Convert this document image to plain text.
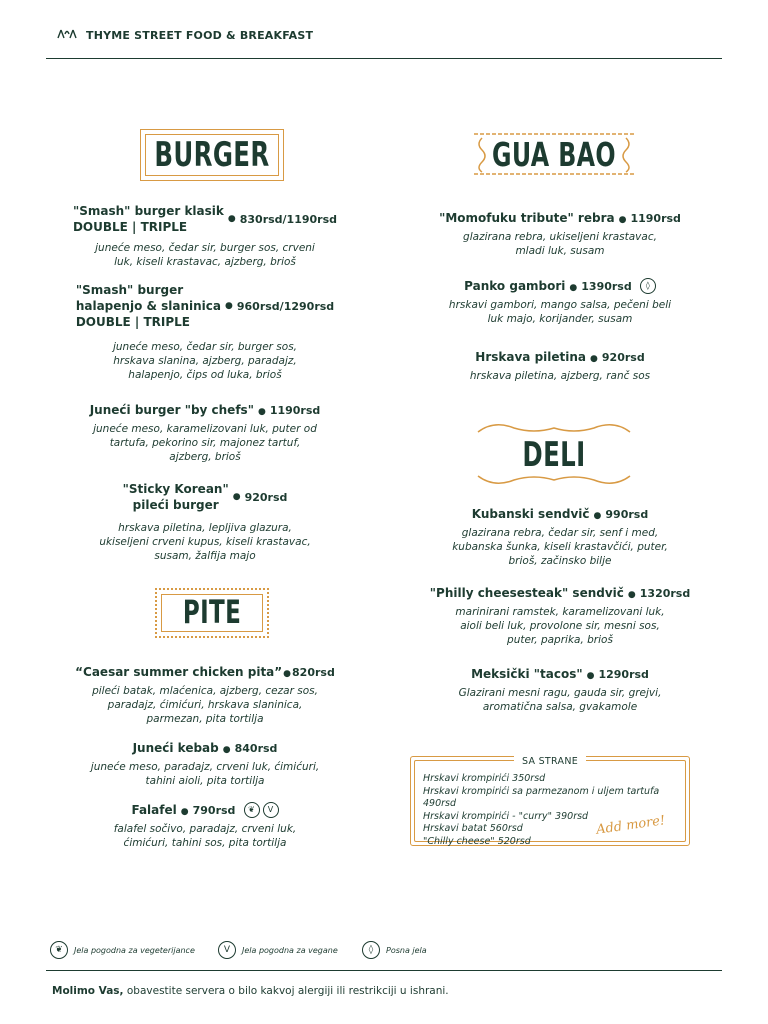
THYME STREET FOOD & BREAKFAST
BURGER
"Smash" burger klasik
DOUBLE | TRIPLE
● 830rsd/1190rsd
juneće meso, čedar sir, burger sos, crveni
luk, kiseli krastavac, ajzberg, brioš
"Smash" burger
halapenjo & slaninica
DOUBLE | TRIPLE
● 960rsd/1290rsd
juneće meso, čedar sir, burger sos,
hrskava slanina, ajzberg, paradajz,
halapenjo, čips od luka, brioš
Juneći burger "by chefs" ● 1190rsd
juneće meso, karamelizovani luk, puter od
tartufa, pekorino sir, majonez tartuf,
ajzberg, brioš
"Sticky Korean"
pileći burger
● 920rsd
hrskava piletina, lepljiva glazura,
ukiseljeni crveni kupus, kiseli krastavac,
susam, žalfija majo
PITE
“Caesar summer chicken pita”●820rsd
pileći batak, mlaćenica, ajzberg, cezar sos,
paradajz, ćimićuri, hrskava slaninica,
parmezan, pita tortilja
Juneći kebab ● 840rsd
juneće meso, paradajz, crveni luk, ćimićuri,
tahini aioli, pita tortilja
Falafel ● 790rsd ❦ V
falafel sočivo, paradajz, crveni luk,
ćimićuri, tahini sos, pita tortilja
GUA BAO
"Momofuku tribute" rebra ● 1190rsd
glazirana rebra, ukiseljeni krastavac,
mladi luk, susam
Panko gambori ● 1390rsd ◊
hrskavi gambori, mango salsa, pečeni beli
luk majo, korijander, susam
Hrskava piletina ● 920rsd
hrskava piletina, ajzberg, ranč sos
DELI
Kubanski sendvič ● 990rsd
glazirana rebra, čedar sir, senf i med,
kubanska šunka, kiseli krastavčići, puter,
brioš, začinsko bilje
"Philly cheesesteak" sendvič ● 1320rsd
marinirani ramstek, karamelizovani luk,
aioli beli luk, provolone sir, mesni sos,
puter, paprika, brioš
Meksički "tacos" ● 1290rsd
Glazirani mesni ragu, gauda sir, grejvi,
aromatična salsa, gvakamole
SA STRANE
Hrskavi krompirići 350rsd
Hrskavi krompirići sa parmezanom i uljem tartufa 490rsd
Hrskavi krompirići - "curry" 390rsd
Hrskavi batat 560rsd
"Chilly cheese" 520rsd
Add more!
❦	Jela pogodna za vegeterijance	V	Jela pogodna za vegane	◊	Posna jela
Molimo Vas, obavestite servera o bilo kakvoj alergiji ili restrikciji u ishrani.
